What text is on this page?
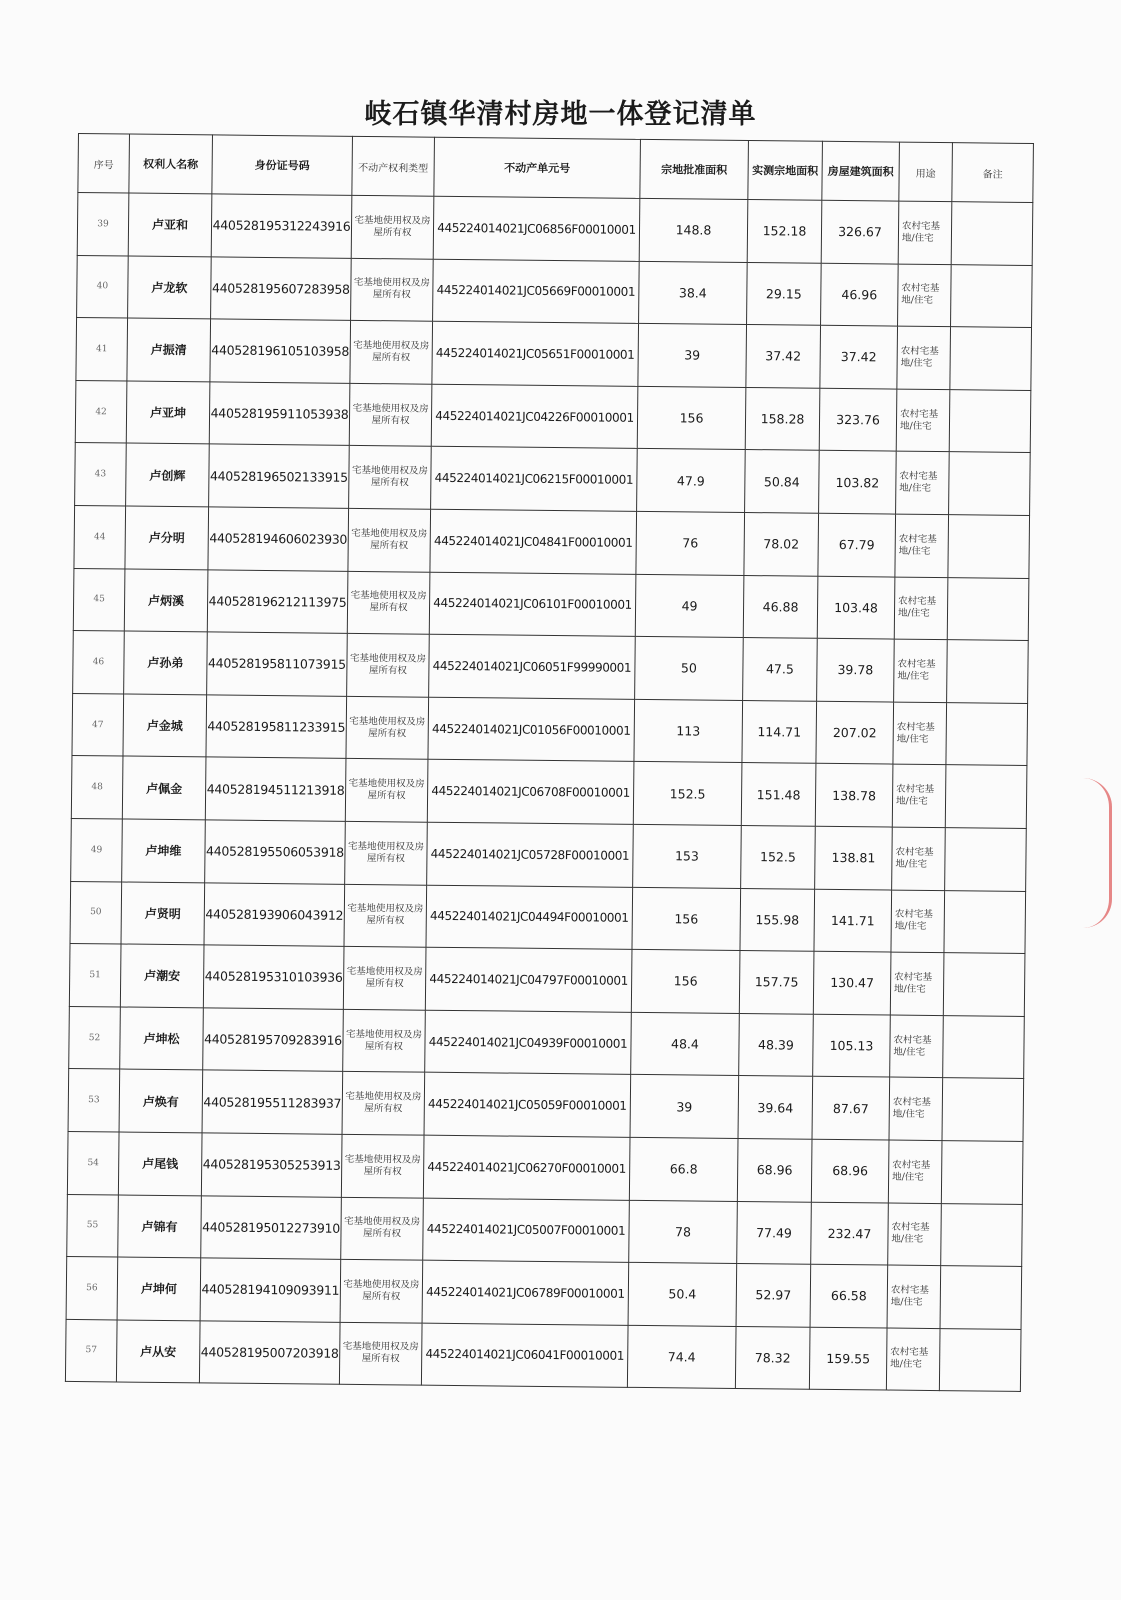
岐石镇华清村房地一体登记清单
序号	权利人名称	身份证号码	不动产权利类型	不动产单元号	宗地批准面积	实测宗地面积	房屋建筑面积	用途	备注
39	卢亚和	440528195312243916	宅基地使用权及房屋所有权	445224014021JC06856F00010001	148.8	152.18	326.67	农村宅基地/住宅	
40	卢龙软	440528195607283958	宅基地使用权及房屋所有权	445224014021JC05669F00010001	38.4	29.15	46.96	农村宅基地/住宅	
41	卢振清	440528196105103958	宅基地使用权及房屋所有权	445224014021JC05651F00010001	39	37.42	37.42	农村宅基地/住宅	
42	卢亚坤	440528195911053938	宅基地使用权及房屋所有权	445224014021JC04226F00010001	156	158.28	323.76	农村宅基地/住宅	
43	卢创辉	440528196502133915	宅基地使用权及房屋所有权	445224014021JC06215F00010001	47.9	50.84	103.82	农村宅基地/住宅	
44	卢分明	440528194606023930	宅基地使用权及房屋所有权	445224014021JC04841F00010001	76	78.02	67.79	农村宅基地/住宅	
45	卢炳溪	440528196212113975	宅基地使用权及房屋所有权	445224014021JC06101F00010001	49	46.88	103.48	农村宅基地/住宅	
46	卢孙弟	440528195811073915	宅基地使用权及房屋所有权	445224014021JC06051F99990001	50	47.5	39.78	农村宅基地/住宅	
47	卢金城	440528195811233915	宅基地使用权及房屋所有权	445224014021JC01056F00010001	113	114.71	207.02	农村宅基地/住宅	
48	卢佩金	440528194511213918	宅基地使用权及房屋所有权	445224014021JC06708F00010001	152.5	151.48	138.78	农村宅基地/住宅	
49	卢坤维	440528195506053918	宅基地使用权及房屋所有权	445224014021JC05728F00010001	153	152.5	138.81	农村宅基地/住宅	
50	卢贤明	440528193906043912	宅基地使用权及房屋所有权	445224014021JC04494F00010001	156	155.98	141.71	农村宅基地/住宅	
51	卢潮安	440528195310103936	宅基地使用权及房屋所有权	445224014021JC04797F00010001	156	157.75	130.47	农村宅基地/住宅	
52	卢坤松	440528195709283916	宅基地使用权及房屋所有权	445224014021JC04939F00010001	48.4	48.39	105.13	农村宅基地/住宅	
53	卢焕有	440528195511283937	宅基地使用权及房屋所有权	445224014021JC05059F00010001	39	39.64	87.67	农村宅基地/住宅	
54	卢尾钱	440528195305253913	宅基地使用权及房屋所有权	445224014021JC06270F00010001	66.8	68.96	68.96	农村宅基地/住宅	
55	卢锦有	440528195012273910	宅基地使用权及房屋所有权	445224014021JC05007F00010001	78	77.49	232.47	农村宅基地/住宅	
56	卢坤何	440528194109093911	宅基地使用权及房屋所有权	445224014021JC06789F00010001	50.4	52.97	66.58	农村宅基地/住宅	
57	卢从安	440528195007203918	宅基地使用权及房屋所有权	445224014021JC06041F00010001	74.4	78.32	159.55	农村宅基地/住宅	
